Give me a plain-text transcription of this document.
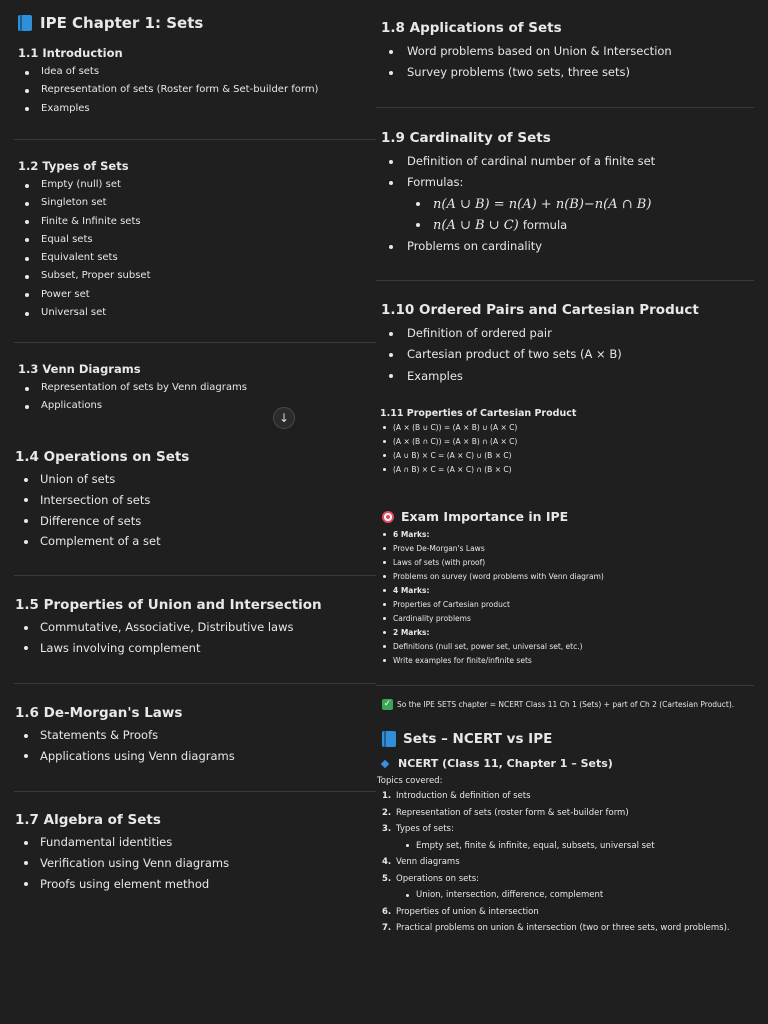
IPE Chapter 1: Sets
1.1 Introduction
Idea of sets
Representation of sets (Roster form & Set-builder form)
Examples
1.2 Types of Sets
Empty (null) set
Singleton set
Finite & Infinite sets
Equal sets
Equivalent sets
Subset, Proper subset
Power set
Universal set
1.3 Venn Diagrams
Representation of sets by Venn diagrams
Applications
1.4 Operations on Sets
Union of sets
Intersection of sets
Difference of sets
Complement of a set
1.5 Properties of Union and Intersection
Commutative, Associative, Distributive laws
Laws involving complement
1.6 De-Morgan's Laws
Statements & Proofs
Applications using Venn diagrams
1.7 Algebra of Sets
Fundamental identities
Verification using Venn diagrams
Proofs using element method
↓
1.8 Applications of Sets
Word problems based on Union & Intersection
Survey problems (two sets, three sets)
1.9 Cardinality of Sets
Definition of cardinal number of a finite set
Formulas:
n(A ∪ B) = n(A) + n(B)−n(A ∩ B)
n(A ∪ B ∪ C) formula
Problems on cardinality
1.10 Ordered Pairs and Cartesian Product
Definition of ordered pair
Cartesian product of two sets (A × B)
Examples
1.11 Properties of Cartesian Product
(A × (B ∪ C)) = (A × B) ∪ (A × C)
(A × (B ∩ C)) = (A × B) ∩ (A × C)
(A ∪ B) × C = (A × C) ∪ (B × C)
(A ∩ B) × C = (A × C) ∩ (B × C)
Exam Importance in IPE
6 Marks:
Prove De-Morgan's Laws
Laws of sets (with proof)
Problems on survey (word problems with Venn diagram)
4 Marks:
Properties of Cartesian product
Cardinality problems
2 Marks:
Definitions (null set, power set, universal set, etc.)
Write examples for finite/infinite sets
✓ So the IPE SETS chapter = NCERT Class 11 Ch 1 (Sets) + part of Ch 2 (Cartesian Product).
Sets – NCERT vs IPE
NCERT (Class 11, Chapter 1 – Sets)
Topics covered:
1. Introduction & definition of sets
2. Representation of sets (roster form & set-builder form)
3. Types of sets:
Empty set, finite & infinite, equal, subsets, universal set
4. Venn diagrams
5. Operations on sets:
Union, intersection, difference, complement
6. Properties of union & intersection
7. Practical problems on union & intersection (two or three sets, word problems).
